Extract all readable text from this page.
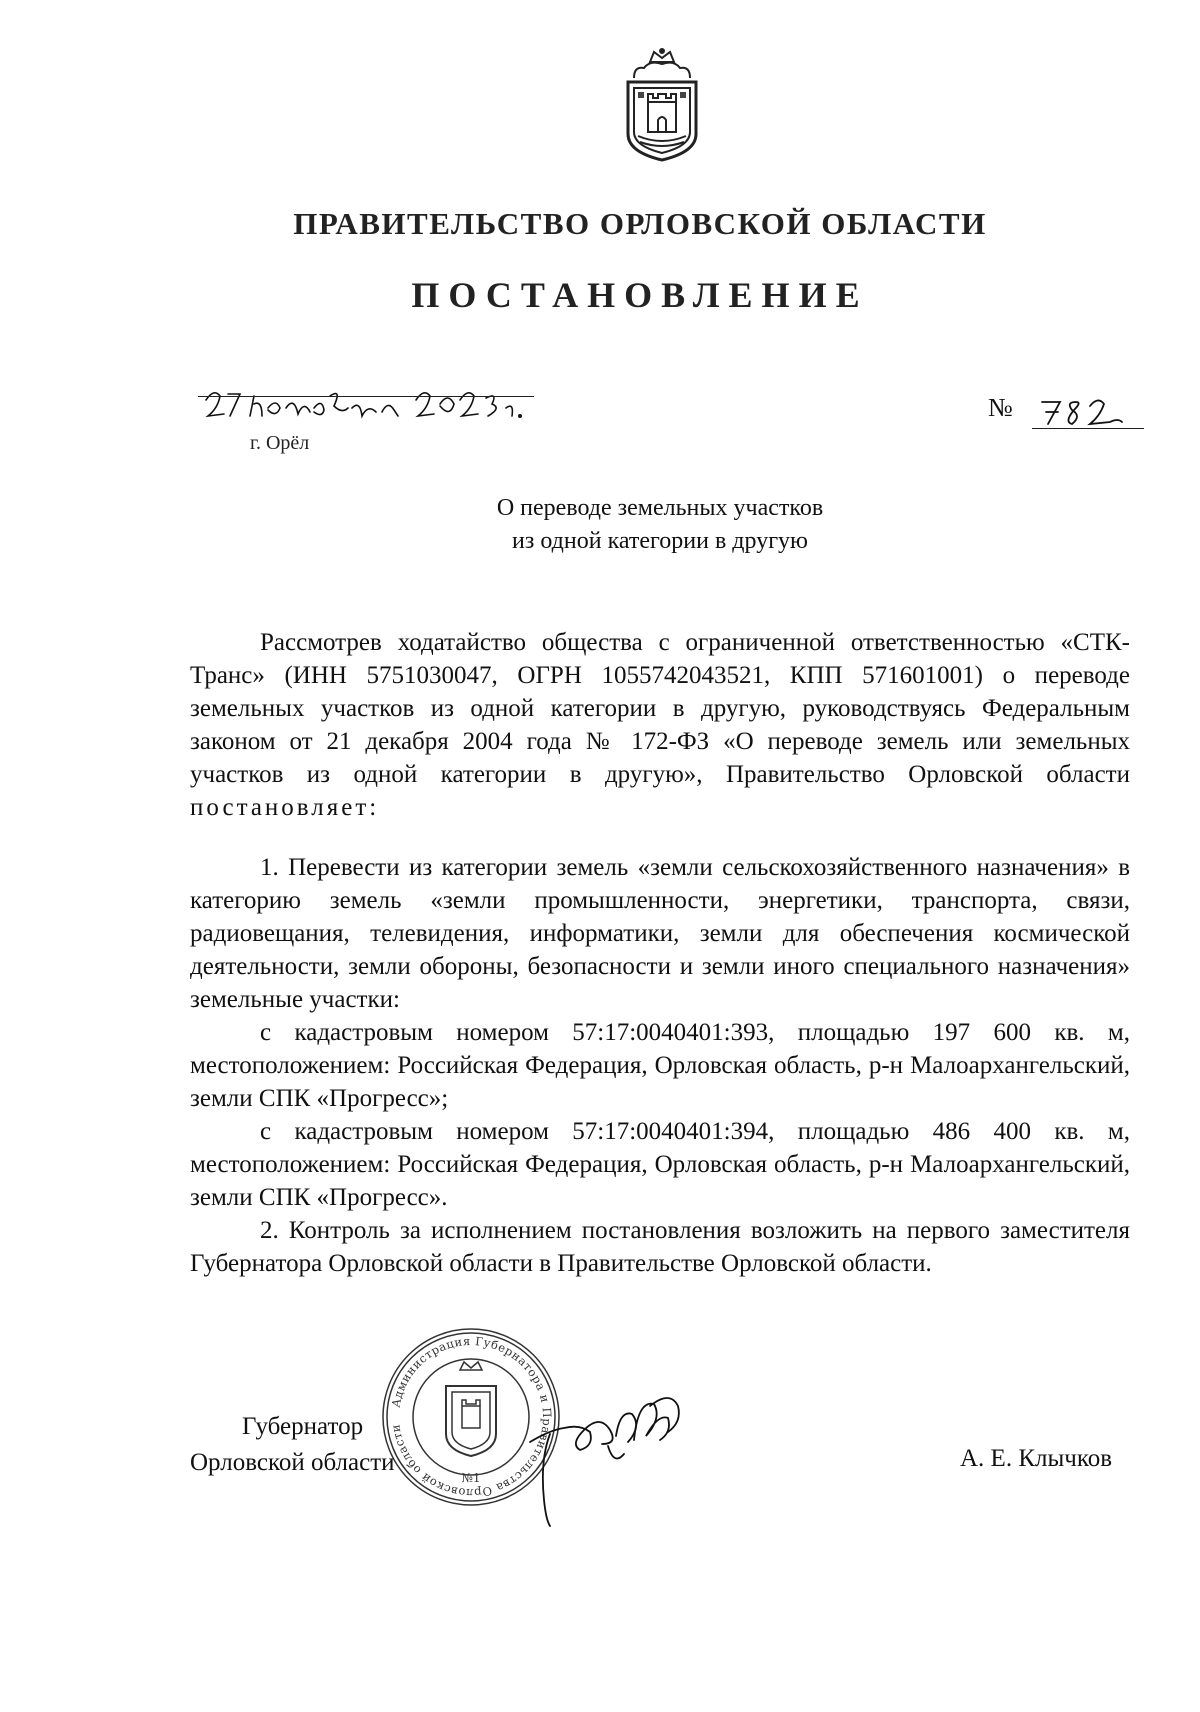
ПРАВИТЕЛЬСТВО ОРЛОВСКОЙ ОБЛАСТИ
ПОСТАНОВЛЕНИЕ
г. Орёл
№
О переводе земельных участков
из одной категории в другую

Рассмотрев ходатайство общества с ограниченной ответственностью «СТК-Транс» (ИНН 5751030047, ОГРН 1055742043521, КПП 571601001) о переводе земельных участков из одной категории в другую, руководствуясь Федеральным законом от 21 декабря 2004 года № 172-ФЗ «О переводе земель или земельных участков из одной категории в другую», Правительство Орловской области постановляет:

1. Перевести из категории земель «земли сельскохозяйственного назначения» в категорию земель «земли промышленности, энергетики, транспорта, связи, радиовещания, телевидения, информатики, земли для обеспечения космической деятельности, земли обороны, безопасности и земли иного специального назначения» земельные участки:

с кадастровым номером 57:17:0040401:393, площадью 197 600 кв. м, местоположением: Российская Федерация, Орловская область, р-н Малоархангельский, земли СПК «Прогресс»;

с кадастровым номером 57:17:0040401:394, площадью 486 400 кв. м, местоположением: Российская Федерация, Орловская область, р-н Малоархангельский, земли СПК «Прогресс».

2. Контроль за исполнением постановления возложить на первого заместителя Губернатора Орловской области в Правительстве Орловской области.

Администрация Губернатора и Правительства Орловской области
№1
Губернатор
Орловской области	А. Е. Клычков
